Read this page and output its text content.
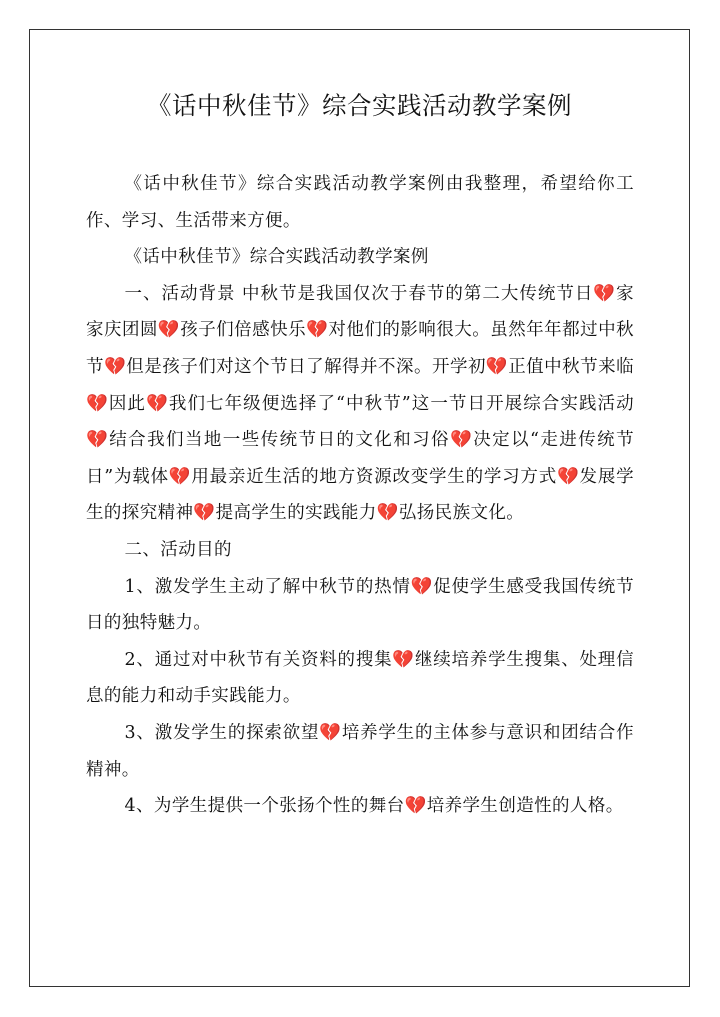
《话中秋佳节》综合实践活动教学案例

《话中秋佳节》综合实践活动教学案例由我整理，希望给你工作、学习、生活带来方便。

《话中秋佳节》综合实践活动教学案例

一、活动背景 中秋节是我国仅次于春节的第二大传统节日💔家家庆团圆💔孩子们倍感快乐💔对他们的影响很大。虽然年年都过中秋节💔但是孩子们对这个节日了解得并不深。开学初💔正值中秋节来临💔因此💔我们七年级便选择了“中秋节”这一节日开展综合实践活动💔结合我们当地一些传统节日的文化和习俗💔决定以“走进传统节日”为载体💔用最亲近生活的地方资源改变学生的学习方式💔发展学生的探究精神💔提高学生的实践能力💔弘扬民族文化。

二、活动目的

1、激发学生主动了解中秋节的热情💔促使学生感受我国传统节日的独特魅力。

2、通过对中秋节有关资料的搜集💔继续培养学生搜集、处理信息的能力和动手实践能力。

3、激发学生的探索欲望💔培养学生的主体参与意识和团结合作精神。

4、为学生提供一个张扬个性的舞台💔培养学生创造性的人格。
